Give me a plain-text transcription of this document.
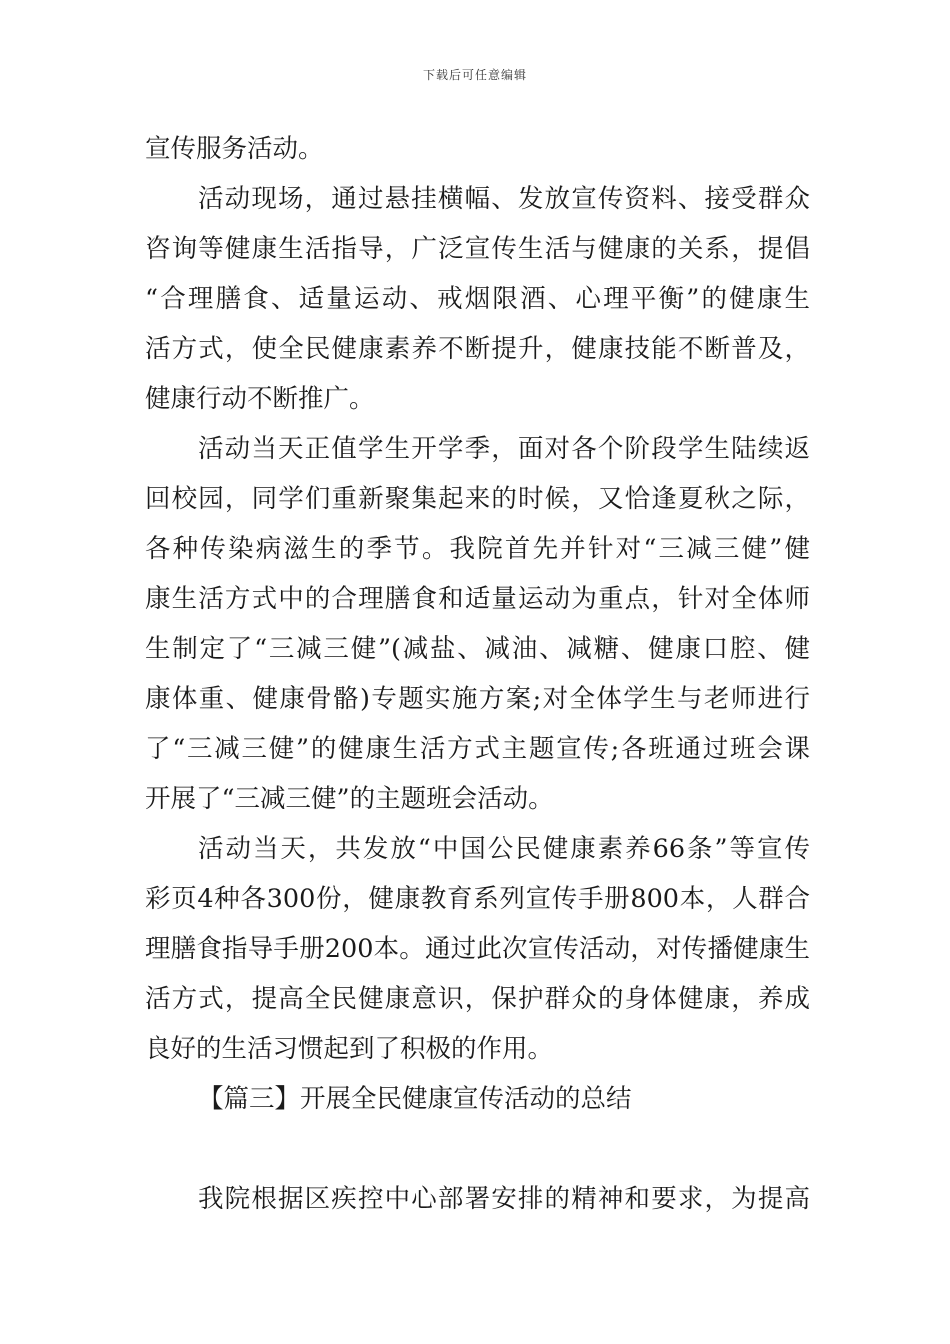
下载后可任意编辑
宣传服务活动。
活动现场，通过悬挂横幅、发放宣传资料、接受群众
咨询等健康生活指导，广泛宣传生活与健康的关系，提倡
“合理膳食、适量运动、戒烟限酒、心理平衡”的健康生
活方式，使全民健康素养不断提升，健康技能不断普及，
健康行动不断推广。
活动当天正值学生开学季，面对各个阶段学生陆续返
回校园，同学们重新聚集起来的时候，又恰逢夏秋之际，
各种传染病滋生的季节。我院首先并针对“三减三健”健
康生活方式中的合理膳食和适量运动为重点，针对全体师
生制定了“三减三健”(减盐、减油、减糖、健康口腔、健
康体重、健康骨骼)专题实施方案;对全体学生与老师进行
了“三减三健”的健康生活方式主题宣传;各班通过班会课
开展了“三减三健”的主题班会活动。
活动当天，共发放“中国公民健康素养66条”等宣传
彩页4种各300份，健康教育系列宣传手册800本，人群合
理膳食指导手册200本。通过此次宣传活动，对传播健康生
活方式，提高全民健康意识，保护群众的身体健康，养成
良好的生活习惯起到了积极的作用。
【篇三】开展全民健康宣传活动的总结
我院根据区疾控中心部署安排的精神和要求，为提高
